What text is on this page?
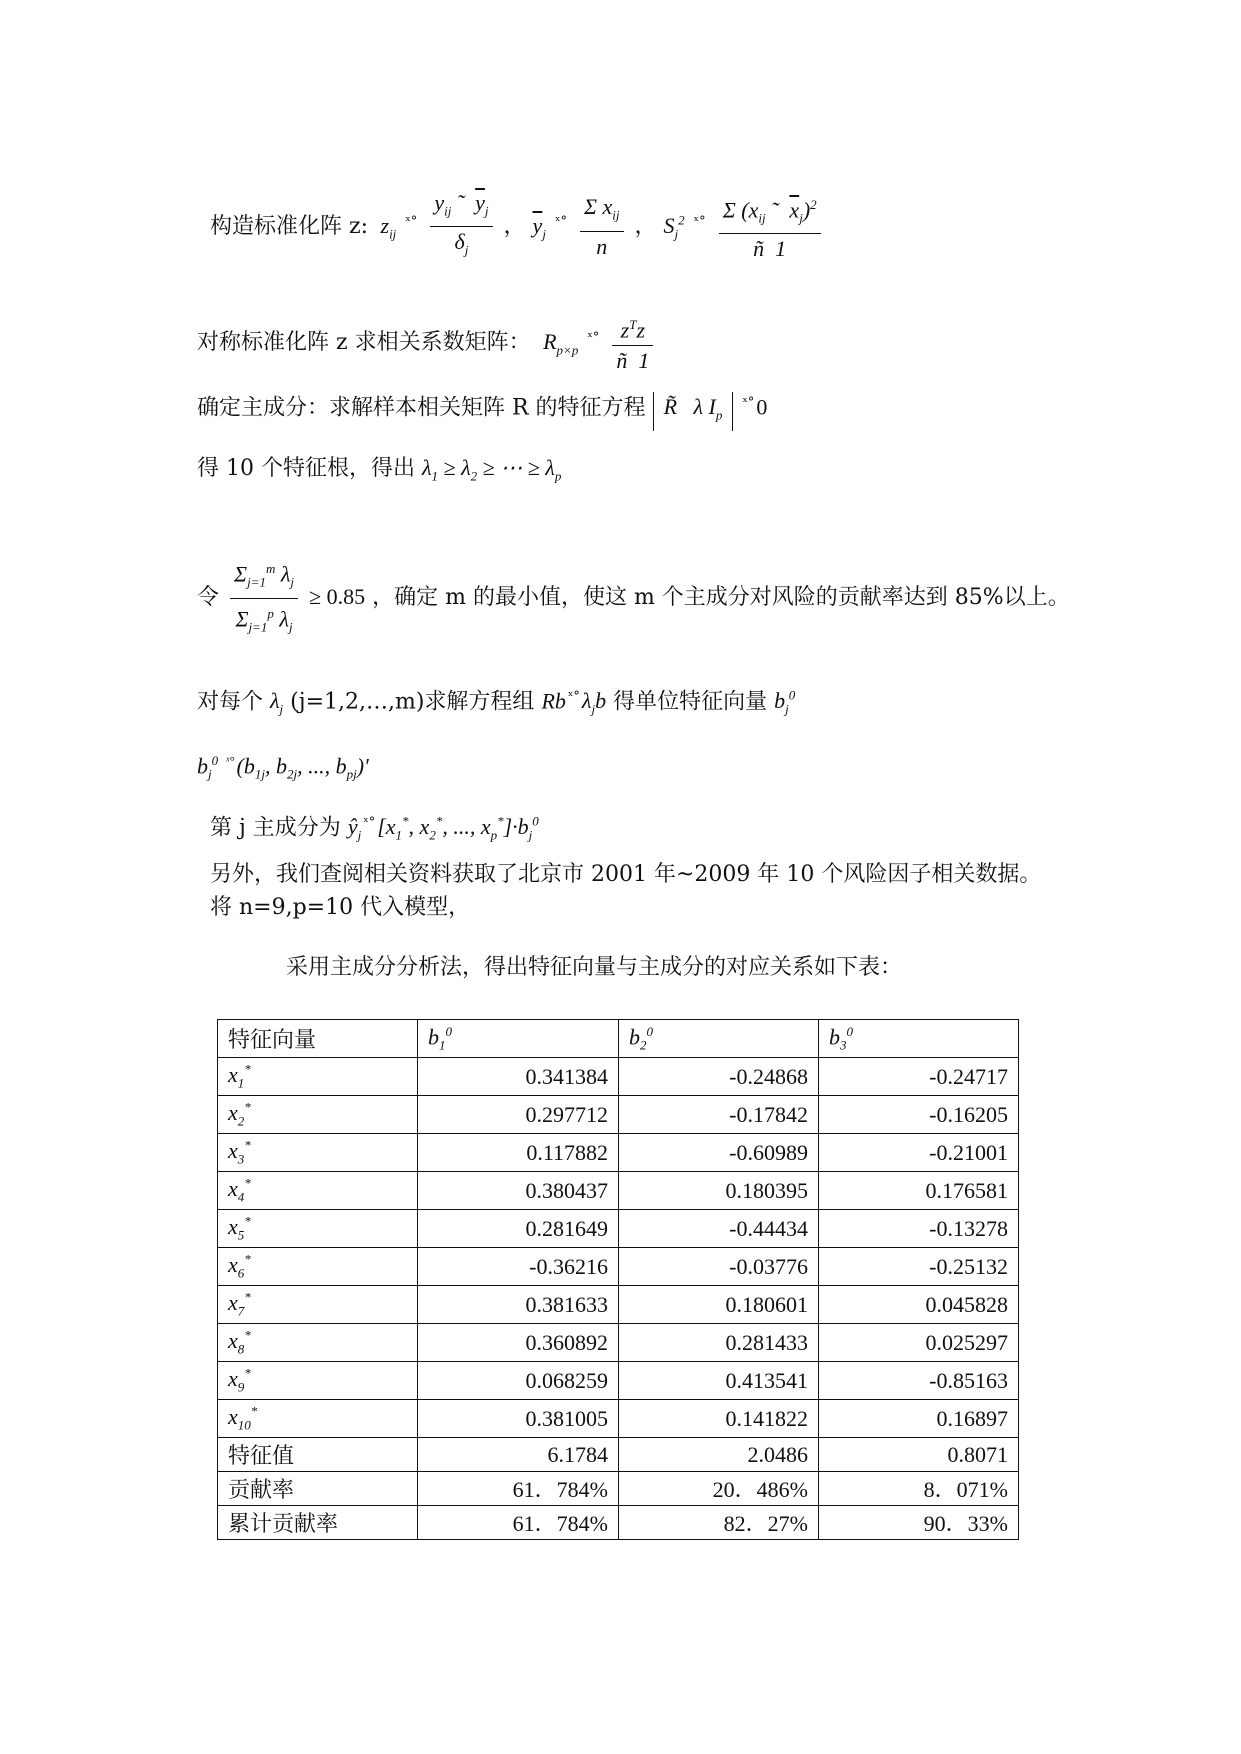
构造标准化阵 z:  $z_{ij}$ $^{ˣ^\circ} \frac{y_{ij} ˜ \overline{y}_j}{\delta_j}$ ， $\overline{y}_j$ $^{ˣ^\circ} \frac{\Sigma x_{ij}}{n}$ ， $S_j^2$ $^{ˣ^\circ} \frac{\Sigma (x_{ij} ˜ \overline{x}_j)^2}{ñ 1}$
对称标准化阵 z 求相关系数矩阵：  $R_{p\times p}$ $^{ˣ^\circ} \frac{z^Tz}{ñ 1}$
确定主成分：求解样本相关矩阵 R 的特征方程 R̃   λ $I_p$ $^{ˣ^\circ}$0
得 10 个特征根，得出 $\lambda_1 \ge \lambda_2$ ≥ ⋯ ≥ $\lambda_p$
令 $\frac{\Sigma_{j=1}^m \lambda_j}{\Sigma_{j=1}^p \lambda_j} \ge 0.85$ ，确定 m 的最小值，使这 m 个主成分对风险的贡献率达到 85%以上。
对每个 $\lambda_j$ (j=1,2,…,m)求解方程组 Rb $^{ˣ^\circ}\lambda_jb$ 得单位特征向量 $b_j^0$
$b_j^0$ $^{ˣ^\circ}(b_{1j}$, $b_{2j}$, ..., $b_{pj})'$
第 j 主成分为 $ŷ_j^{ˣ^\circ}[x_1^*$, $x_2^*$, ..., $x_p^*]\cdot b_j^0$
另外，我们查阅相关资料获取了北京市 2001 年~2009 年 10 个风险因子相关数据。
将 n=9,p=10 代入模型，
采用主成分分析法，得出特征向量与主成分的对应关系如下表：
特征向量	$b_1^0$	$b_2^0$	$b_3^0$
$x_1^*$	0.341384	-0.24868	-0.24717
$x_2^*$	0.297712	-0.17842	-0.16205
$x_3^*$	0.117882	-0.60989	-0.21001
$x_4^*$	0.380437	0.180395	0.176581
$x_5^*$	0.281649	-0.44434	-0.13278
$x_6^*$	-0.36216	-0.03776	-0.25132
$x_7^*$	0.381633	0.180601	0.045828
$x_8^*$	0.360892	0.281433	0.025297
$x_9^*$	0.068259	0.413541	-0.85163
$x_{10}^*$	0.381005	0.141822	0.16897
特征值	6.1784	2.0486	0.8071
贡献率	61．784%	20．486%	8．071%
累计贡献率	61．784%	82．27%	90．33%
